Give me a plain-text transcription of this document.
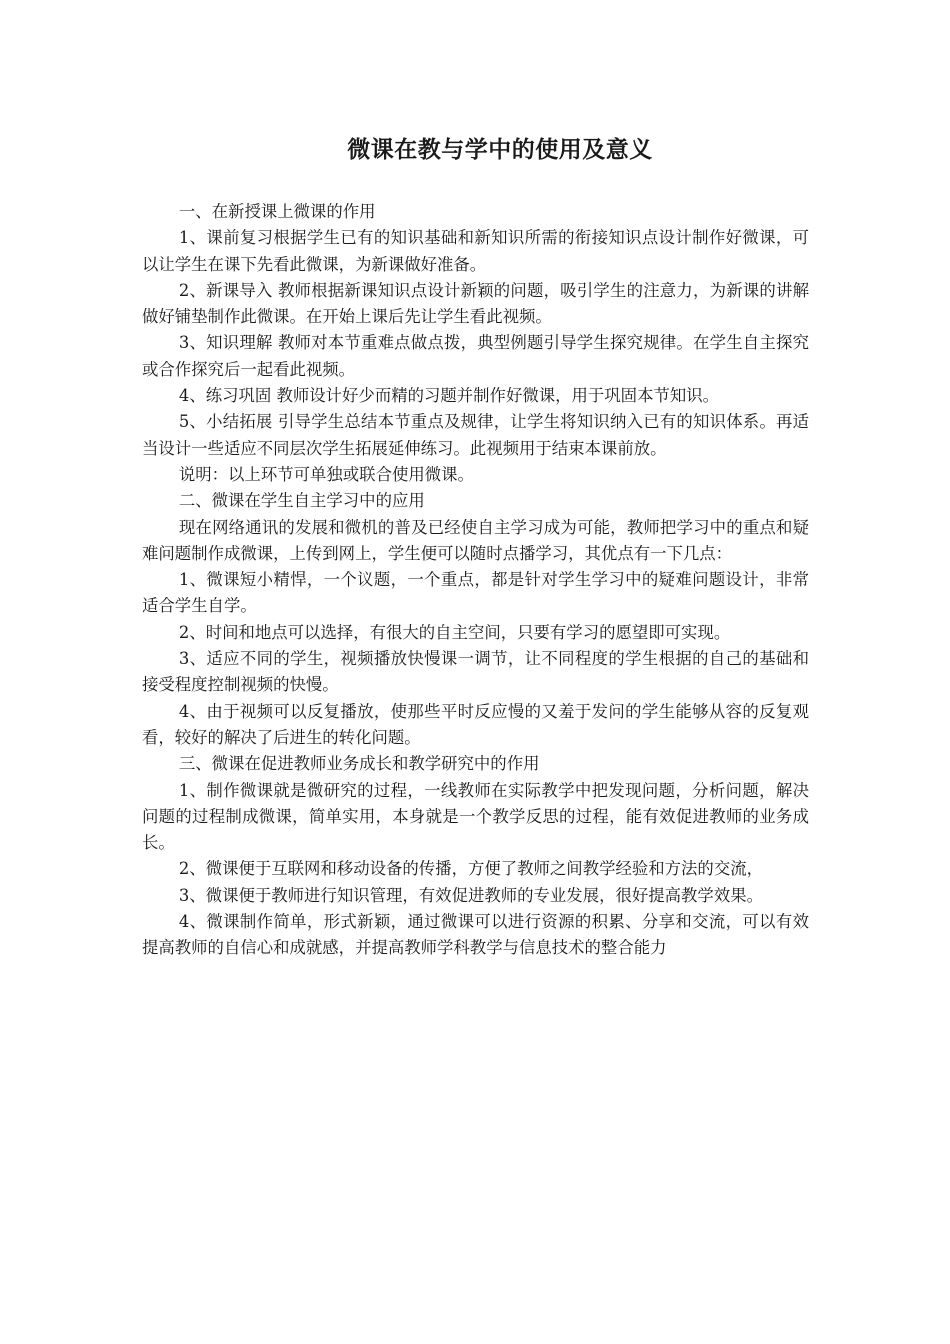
微课在教与学中的使用及意义

一、在新授课上微课的作用

1、课前复习根据学生已有的知识基础和新知识所需的衔接知识点设计制作好微课，可以让学生在课下先看此微课，为新课做好准备。

2、新课导入 教师根据新课知识点设计新颖的问题，吸引学生的注意力，为新课的讲解做好铺垫制作此微课。在开始上课后先让学生看此视频。

3、知识理解 教师对本节重难点做点拨，典型例题引导学生探究规律。在学生自主探究或合作探究后一起看此视频。

4、练习巩固 教师设计好少而精的习题并制作好微课，用于巩固本节知识。

5、小结拓展 引导学生总结本节重点及规律，让学生将知识纳入已有的知识体系。再适当设计一些适应不同层次学生拓展延伸练习。此视频用于结束本课前放。

说明：以上环节可单独或联合使用微课。

二、微课在学生自主学习中的应用

现在网络通讯的发展和微机的普及已经使自主学习成为可能，教师把学习中的重点和疑难问题制作成微课，上传到网上，学生便可以随时点播学习，其优点有一下几点：

1、微课短小精悍，一个议题，一个重点，都是针对学生学习中的疑难问题设计，非常适合学生自学。

2、时间和地点可以选择，有很大的自主空间，只要有学习的愿望即可实现。

3、适应不同的学生，视频播放快慢课一调节，让不同程度的学生根据的自己的基础和接受程度控制视频的快慢。

4、由于视频可以反复播放，使那些平时反应慢的又羞于发问的学生能够从容的反复观看，较好的解决了后进生的转化问题。

三、微课在促进教师业务成长和教学研究中的作用

1、制作微课就是微研究的过程，一线教师在实际教学中把发现问题，分析问题，解决问题的过程制成微课，简单实用，本身就是一个教学反思的过程，能有效促进教师的业务成长。

2、微课便于互联网和移动设备的传播，方便了教师之间教学经验和方法的交流，

3、微课便于教师进行知识管理，有效促进教师的专业发展，很好提高教学效果。

4、微课制作简单，形式新颖，通过微课可以进行资源的积累、分享和交流，可以有效提高教师的自信心和成就感，并提高教师学科教学与信息技术的整合能力
